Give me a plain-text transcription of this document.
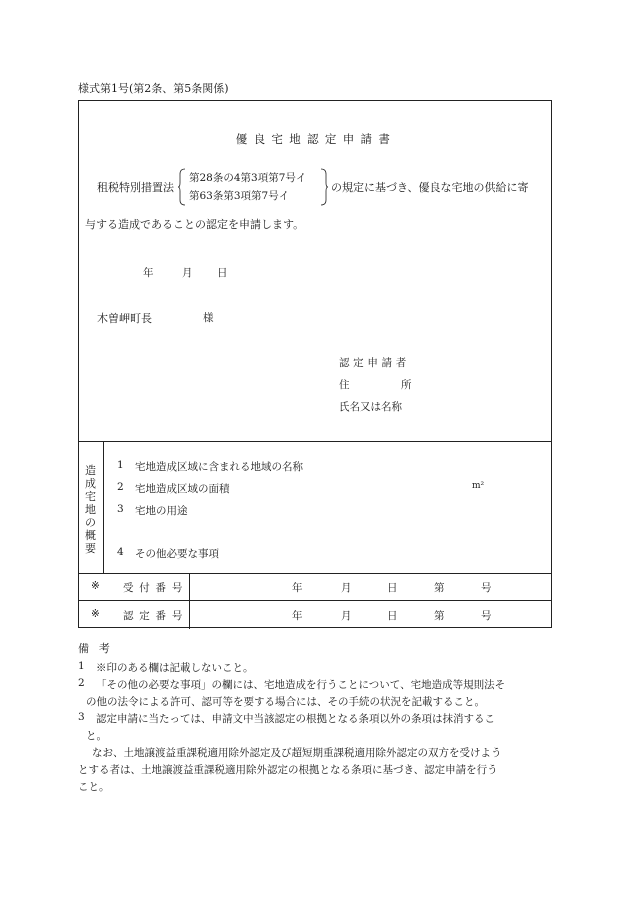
様式第1号(第2条、第5条関係)
優良宅地認定申請書
租税特別措置法
第28条の4第3項第7号イ
第63条第3項第7号イ
の規定に基づき、優良な宅地の供給に寄
与する造成であることの認定を申請します。
年	月 日
木曽岬町長	様
認定申請者
住	所
氏名又は名称
造
成
宅
地
の
概
要
1 宅地造成区域に含まれる地域の名称
2 宅地造成区域の面積	m²
3 宅地の用途
4 その他必要な事項
※ 受付番号	年	月	日	第	号
※ 認定番号	年	月	日	第	号
備考
1 ※印のある欄は記載しないこと。
2 「その他の必要な事項」の欄には、宅地造成を行うことについて、宅地造成等規則法そ
の他の法令による許可、認可等を要する場合には、その手続の状況を記載すること。
3 認定申請に当たっては、申請文中当該認定の根拠となる条項以外の条項は抹消するこ
と。
なお、土地譲渡益重課税適用除外認定及び超短期重課税適用除外認定の双方を受けよう
とする者は、土地譲渡益重課税適用除外認定の根拠となる条項に基づき、認定申請を行う
こと。
